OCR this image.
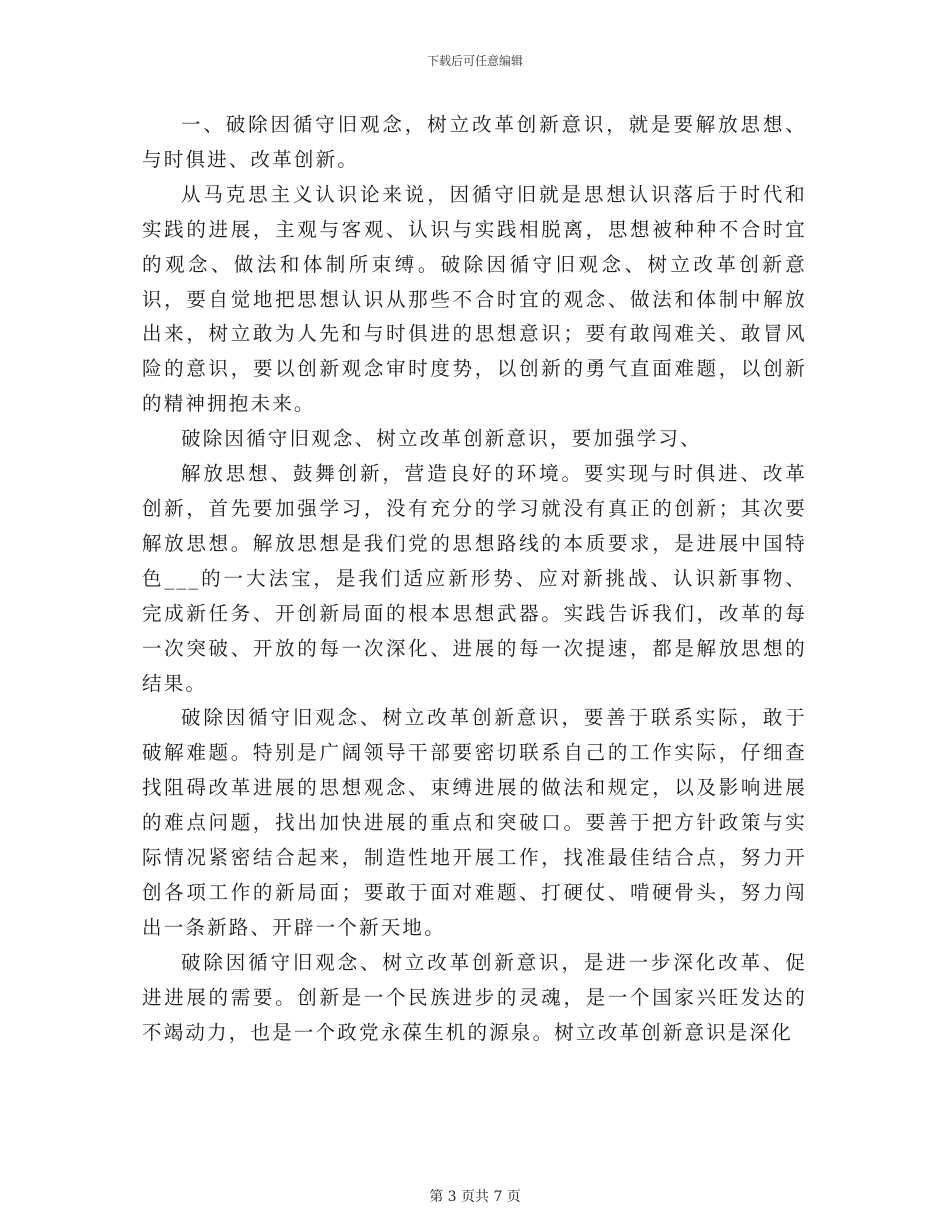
下载后可任意编辑

一、破除因循守旧观念，树立改革创新意识，就是要解放思想、与时俱进、改革创新。

从马克思主义认识论来说，因循守旧就是思想认识落后于时代和实践的进展，主观与客观、认识与实践相脱离，思想被种种不合时宜的观念、做法和体制所束缚。破除因循守旧观念、树立改革创新意识，要自觉地把思想认识从那些不合时宜的观念、做法和体制中解放出来，树立敢为人先和与时俱进的思想意识；要有敢闯难关、敢冒风险的意识，要以创新观念审时度势，以创新的勇气直面难题，以创新的精神拥抱未来。

破除因循守旧观念、树立改革创新意识，要加强学习、

解放思想、鼓舞创新，营造良好的环境。要实现与时俱进、改革创新，首先要加强学习，没有充分的学习就没有真正的创新；其次要解放思想。解放思想是我们党的思想路线的本质要求，是进展中国特色___的一大法宝，是我们适应新形势、应对新挑战、认识新事物、完成新任务、开创新局面的根本思想武器。实践告诉我们，改革的每一次突破、开放的每一次深化、进展的每一次提速，都是解放思想的结果。

破除因循守旧观念、树立改革创新意识，要善于联系实际，敢于破解难题。特别是广阔领导干部要密切联系自己的工作实际，仔细查找阻碍改革进展的思想观念、束缚进展的做法和规定，以及影响进展的难点问题，找出加快进展的重点和突破口。要善于把方针政策与实际情况紧密结合起来，制造性地开展工作，找准最佳结合点，努力开创各项工作的新局面；要敢于面对难题、打硬仗、啃硬骨头，努力闯出一条新路、开辟一个新天地。

破除因循守旧观念、树立改革创新意识，是进一步深化改革、促进进展的需要。创新是一个民族进步的灵魂，是一个国家兴旺发达的不竭动力，也是一个政党永葆生机的源泉。树立改革创新意识是深化

第 3 页共 7 页
